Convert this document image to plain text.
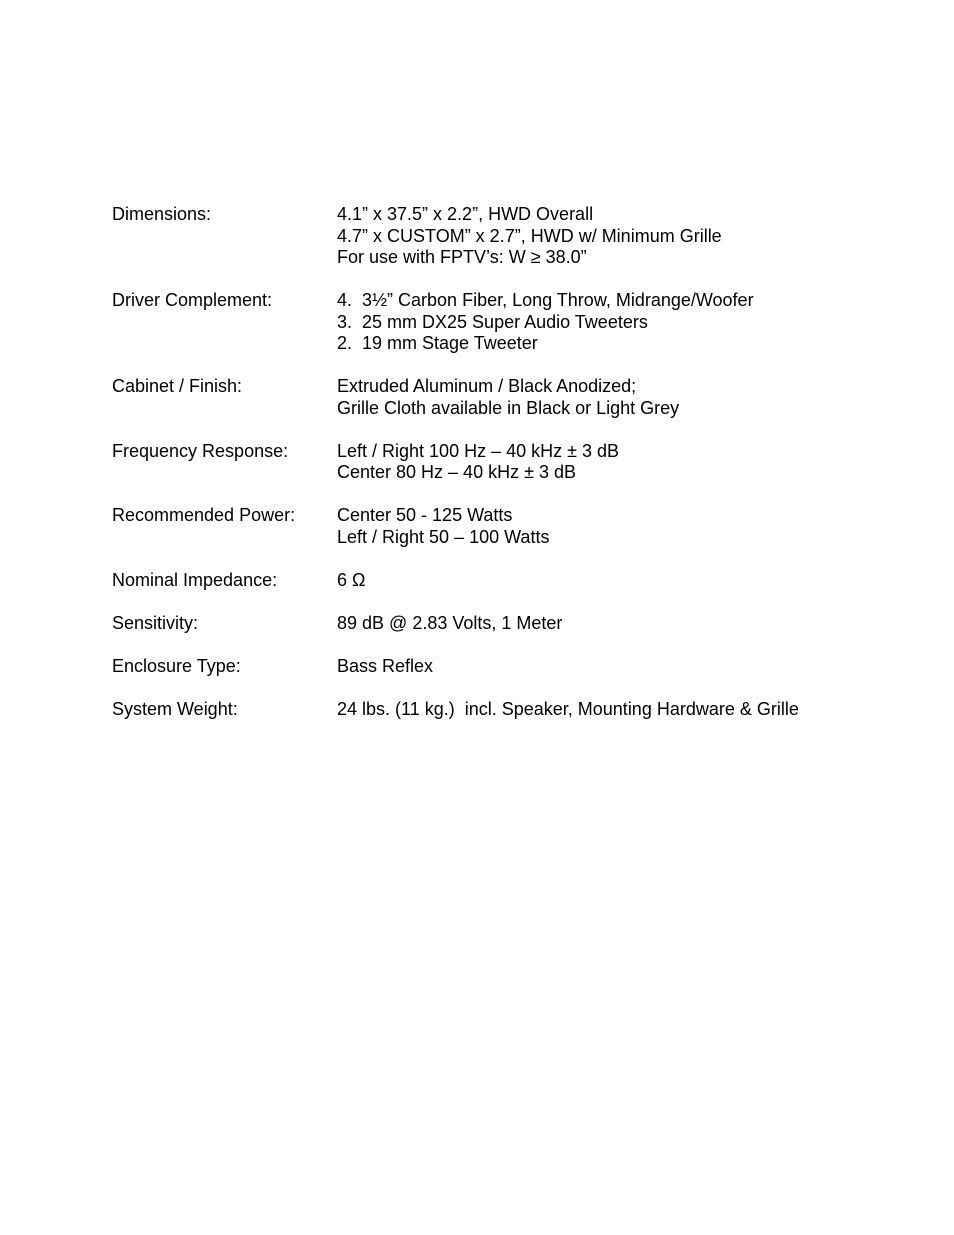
Dimensions:	4.1” x 37.5” x 2.2”, HWD Overall
4.7” x CUSTOM” x 2.7”, HWD w/ Minimum Grille
For use with FPTV’s: W ≥ 38.0”
Driver Complement:	4.  3½” Carbon Fiber, Long Throw, Midrange/Woofer
3.  25 mm DX25 Super Audio Tweeters
2.  19 mm Stage Tweeter
Cabinet / Finish:	Extruded Aluminum / Black Anodized;
Grille Cloth available in Black or Light Grey
Frequency Response:	Left / Right 100 Hz – 40 kHz ± 3 dB
Center 80 Hz – 40 kHz ± 3 dB
Recommended Power:	Center 50 - 125 Watts
Left / Right 50 – 100 Watts
Nominal Impedance:	6 Ω
Sensitivity:	89 dB @ 2.83 Volts, 1 Meter
Enclosure Type:	Bass Reflex
System Weight:	24 lbs. (11 kg.)  incl. Speaker, Mounting Hardware & Grille
